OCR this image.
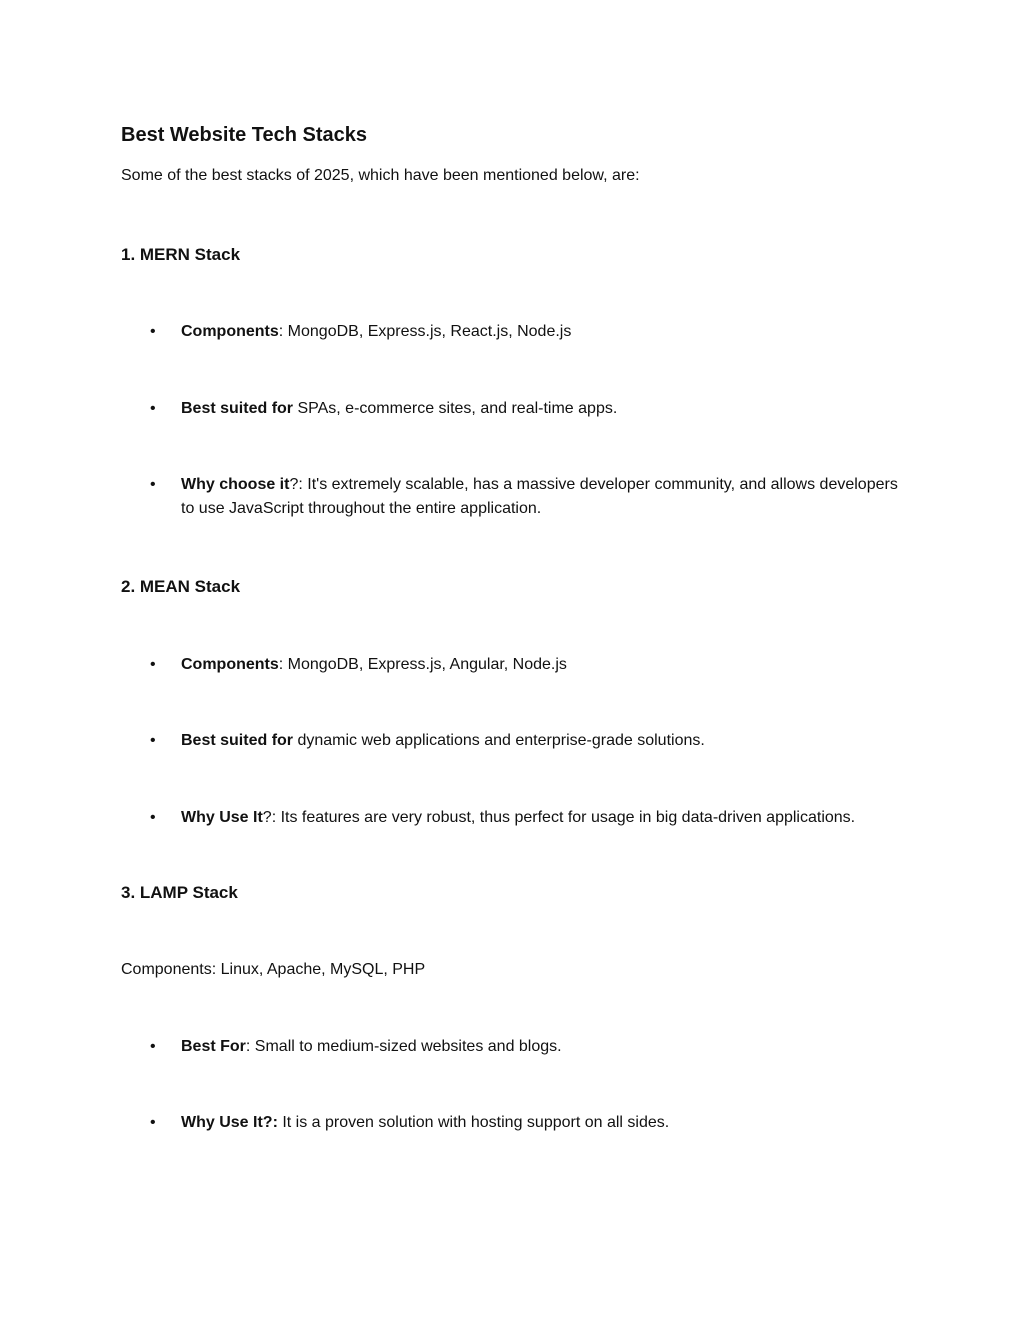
Best Website Tech Stacks

Some of the best stacks of 2025, which have been mentioned below, are:

1. MERN Stack
•	Components: MongoDB, Express.js, React.js, Node.js
•	Best suited for SPAs, e-commerce sites, and real-time apps.
•	Why choose it?: It's extremely scalable, has a massive developer community, and allows developers to use JavaScript throughout the entire application.
2. MEAN Stack
•	Components: MongoDB, Express.js, Angular, Node.js
•	Best suited for dynamic web applications and enterprise-grade solutions.
•	Why Use It?: Its features are very robust, thus perfect for usage in big data-driven applications.
3. LAMP Stack

Components: Linux, Apache, MySQL, PHP

•	Best For: Small to medium-sized websites and blogs.
•	Why Use It?: It is a proven solution with hosting support on all sides.
